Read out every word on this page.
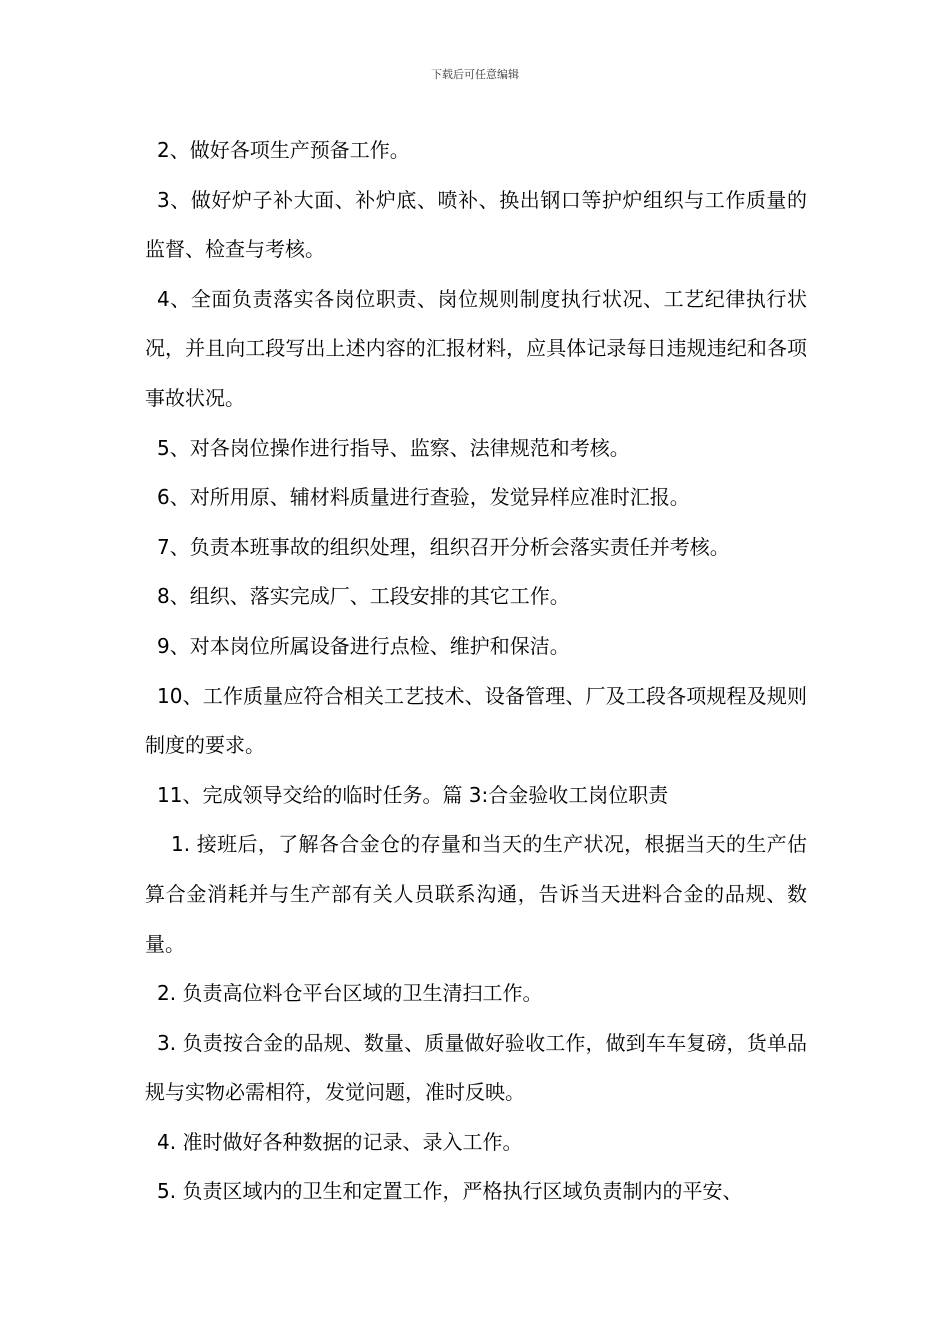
下载后可任意编辑

2、做好各项生产预备工作。

3、做好炉子补大面、补炉底、喷补、换出钢口等护炉组织与工作质量的监督、检查与考核。

4、全面负责落实各岗位职责、岗位规则制度执行状况、工艺纪律执行状况，并且向工段写出上述内容的汇报材料，应具体记录每日违规违纪和各项事故状况。

5、对各岗位操作进行指导、监察、法律规范和考核。

6、对所用原、辅材料质量进行查验，发觉异样应准时汇报。

7、负责本班事故的组织处理，组织召开分析会落实责任并考核。

8、组织、落实完成厂、工段安排的其它工作。

9、对本岗位所属设备进行点检、维护和保洁。

10、工作质量应符合相关工艺技术、设备管理、厂及工段各项规程及规则制度的要求。

11、完成领导交给的临时任务。篇 3:合金验收工岗位职责

1. 接班后，了解各合金仓的存量和当天的生产状况，根据当天的生产估算合金消耗并与生产部有关人员联系沟通，告诉当天进料合金的品规、数量。

2. 负责高位料仓平台区域的卫生清扫工作。

3. 负责按合金的品规、数量、质量做好验收工作，做到车车复磅，货单品规与实物必需相符，发觉问题，准时反映。

4. 准时做好各种数据的记录、录入工作。

5. 负责区域内的卫生和定置工作，严格执行区域负责制内的平安、
